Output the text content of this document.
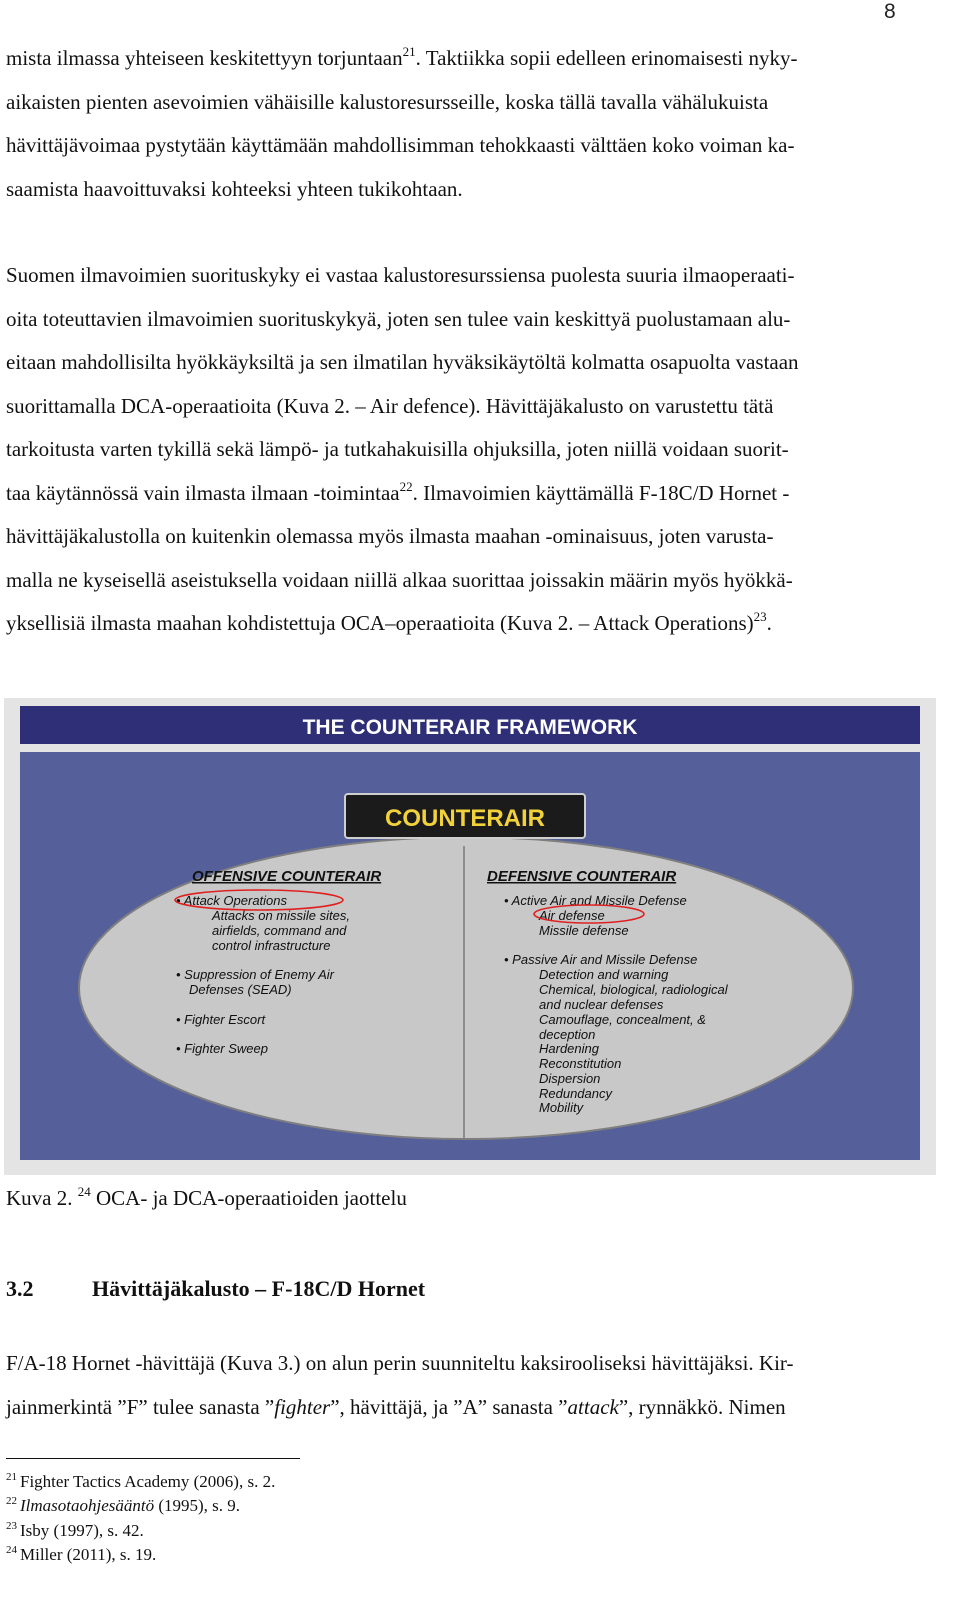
8
mista ilmassa yhteiseen keskitettyyn torjuntaan$^{21}$. Taktiikka sopii edelleen erinomaisesti nyky-
aikaisten pienten asevoimien vähäisille kalustoresursseille, koska tällä tavalla vähälukuista
hävittäjävoimaa pystytään käyttämään mahdollisimman tehokkaasti välttäen koko voiman ka-
saamista haavoittuvaksi kohteeksi yhteen tukikohtaan.
Suomen ilmavoimien suorituskyky ei vastaa kalustoresurssiensa puolesta suuria ilmaoperaati-
oita toteuttavien ilmavoimien suorituskykyä, joten sen tulee vain keskittyä puolustamaan alu-
eitaan mahdollisilta hyökkäyksiltä ja sen ilmatilan hyväksikäytöltä kolmatta osapuolta vastaan
suorittamalla DCA-operaatioita (Kuva 2. – Air defence). Hävittäjäkalusto on varustettu tätä
tarkoitusta varten tykillä sekä lämpö- ja tutkahakuisilla ohjuksilla, joten niillä voidaan suorit-
taa käytännössä vain ilmasta ilmaan -toimintaa$^{22}$. Ilmavoimien käyttämällä F-18C/D Hornet -
hävittäjäkalustolla on kuitenkin olemassa myös ilmasta maahan -ominaisuus, joten varusta-
malla ne kyseisellä aseistuksella voidaan niillä alkaa suorittaa joissakin määrin myös hyökkä-
yksellisiä ilmasta maahan kohdistettuja OCA–operaatioita (Kuva 2. – Attack Operations)$^{23}$.
THE COUNTERAIR FRAMEWORK
COUNTERAIR
OFFENSIVE COUNTERAIR
• Attack Operations
Attacks on missile sites,
airfields, command and
control infrastructure
• Suppression of Enemy Air
Defenses (SEAD)
• Fighter Escort
• Fighter Sweep
DEFENSIVE COUNTERAIR
• Active Air and Missile Defense
Air defense
Missile defense
• Passive Air and Missile Defense
Detection and warning
Chemical, biological, radiological
and nuclear defenses
Camouflage, concealment, &
deception
Hardening
Reconstitution
Dispersion
Redundancy
Mobility
Kuva 2. $^{24}$ OCA- ja DCA-operaatioiden jaottelu
3.2	Hävittäjäkalusto – F-18C/D Hornet
F/A-18 Hornet -hävittäjä (Kuva 3.) on alun perin suunniteltu kaksirooliseksi hävittäjäksi. Kir-
jainmerkintä ”F” tulee sanasta ”fighter”, hävittäjä, ja ”A” sanasta ”attack”, rynnäkkö. Nimen
$^{21}$ Fighter Tactics Academy (2006), s. 2.
$^{22}$ Ilmasotaohjesääntö (1995), s. 9.
$^{23}$ Isby (1997), s. 42.
$^{24}$ Miller (2011), s. 19.
